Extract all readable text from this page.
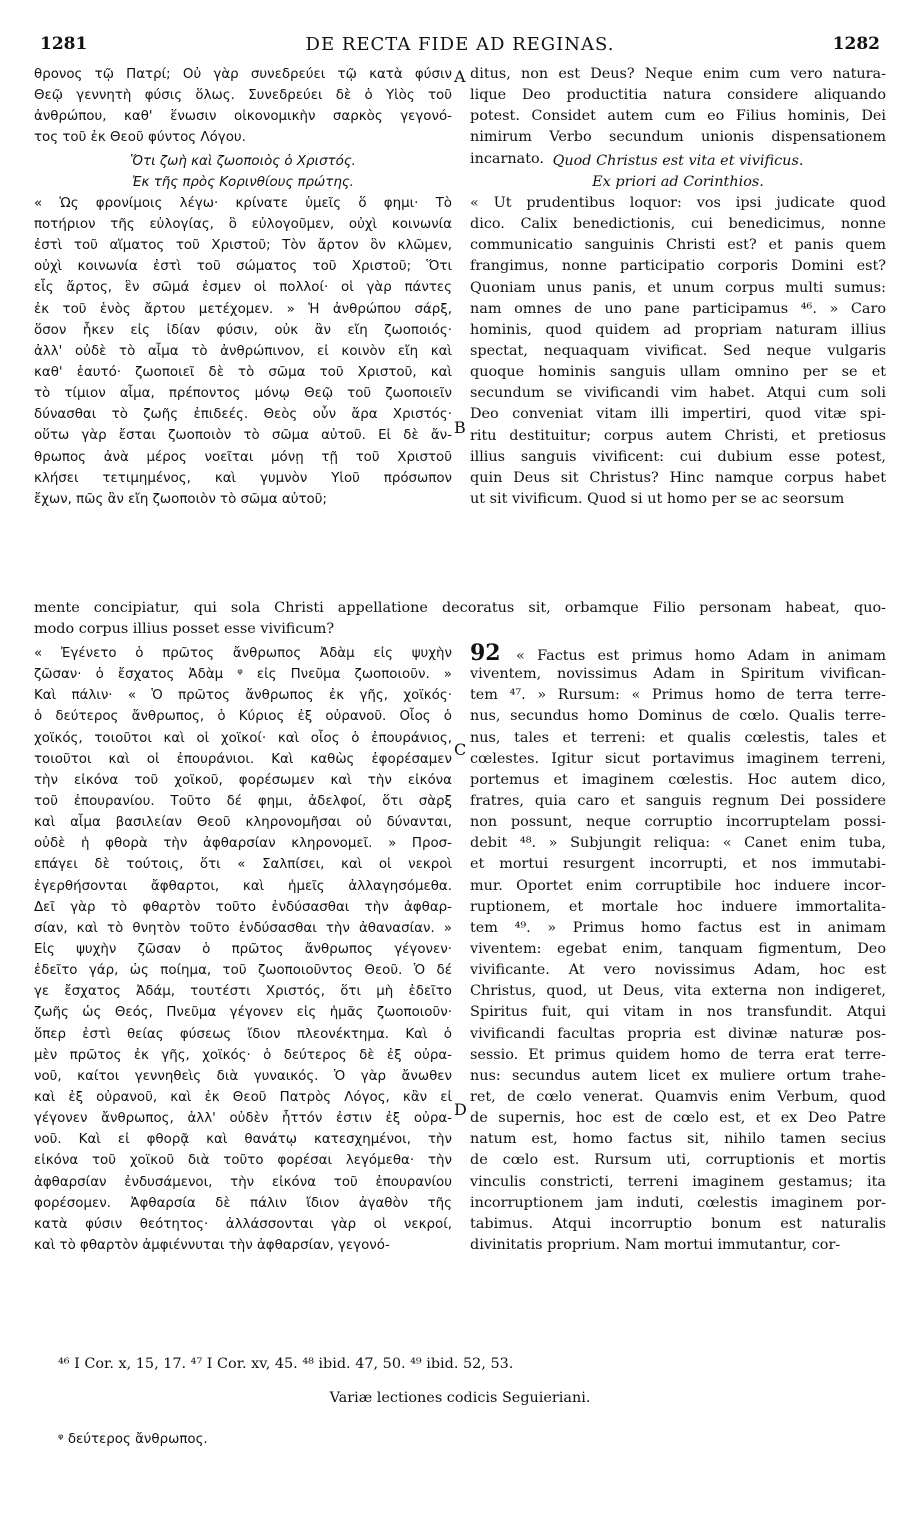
1281	DE RECTA FIDE AD REGINAS.	1282
θρονος τῷ Πατρί; Οὐ γὰρ συνεδρεύει τῷ κατὰ φύσιν
Θεῷ γεννητὴ φύσις ὅλως. Συνεδρεύει δὲ ὁ Υἱὸς τοῦ
ἀνθρώπου, καθ' ἕνωσιν οἰκονομικὴν σαρκὸς γεγονό-
τος τοῦ ἐκ Θεοῦ φύντος Λόγου.
Ὅτι ζωὴ καὶ ζωοποιὸς ὁ Χριστός.
Ἐκ τῆς πρὸς Κορινθίους πρώτης.
« Ὡς φρονίμοις λέγω· κρίνατε ὑμεῖς ὅ φημι· Τὸ
ποτήριον τῆς εὐλογίας, ὃ εὐλογοῦμεν, οὐχὶ κοινωνία
ἐστὶ τοῦ αἵματος τοῦ Χριστοῦ; Τὸν ἄρτον ὃν κλῶμεν,
οὐχὶ κοινωνία ἐστὶ τοῦ σώματος τοῦ Χριστοῦ; Ὅτι
εἷς ἄρτος, ἓν σῶμά ἐσμεν οἱ πολλοί· οἱ γὰρ πάντες
ἐκ τοῦ ἑνὸς ἄρτου μετέχομεν. » Ἡ ἀνθρώπου σάρξ,
ὅσον ἧκεν εἰς ἰδίαν φύσιν, οὐκ ἂν εἴη ζωοποιός·
ἀλλ' οὐδὲ τὸ αἷμα τὸ ἀνθρώπινον, εἰ κοινὸν εἴη καὶ
καθ' ἑαυτό· ζωοποιεῖ δὲ τὸ σῶμα τοῦ Χριστοῦ, καὶ
τὸ τίμιον αἷμα, πρέποντος μόνῳ Θεῷ τοῦ ζωοποιεῖν
δύνασθαι τὸ ζωῆς ἐπιδεές. Θεὸς οὖν ἄρα Χριστός·
οὕτω γὰρ ἔσται ζωοποιὸν τὸ σῶμα αὐτοῦ. Εἰ δὲ ἄν-
θρωπος ἀνὰ μέρος νοεῖται μόνῃ τῇ τοῦ Χριστοῦ
κλήσει τετιμημένος, καὶ γυμνὸν Υἱοῦ πρόσωπον
ἔχων, πῶς ἂν εἴη ζωοποιὸν τὸ σῶμα αὐτοῦ;
ditus, non est Deus? Neque enim cum vero natura-
lique Deo productitia natura considere aliquando
potest. Considet autem cum eo Filius hominis, Dei
nimirum Verbo secundum unionis dispensationem
incarnato. Quod Christus est vita et vivificus.
Ex priori ad Corinthios.
« Ut prudentibus loquor: vos ipsi judicate quod
dico. Calix benedictionis, cui benedicimus, nonne
communicatio sanguinis Christi est? et panis quem
frangimus, nonne participatio corporis Domini est?
Quoniam unus panis, et unum corpus multi sumus:
nam omnes de uno pane participamus ⁴⁶. » Caro
hominis, quod quidem ad propriam naturam illius
spectat, nequaquam vivificat. Sed neque vulgaris
quoque hominis sanguis ullam omnino per se et
secundum se vivificandi vim habet. Atqui cum soli
Deo conveniat vitam illi impertiri, quod vitæ spi-
ritu destituitur; corpus autem Christi, et pretiosus
illius sanguis vivificent: cui dubium esse potest,
quin Deus sit Christus? Hinc namque corpus habet
ut sit vivificum. Quod si ut homo per se ac seorsum
A
B
C
D
mente concipiatur, qui sola Christi appellatione decoratus sit, orbamque Filio personam habeat, quo-
modo corpus illius posset esse vivificum?
« Ἐγένετο ὁ πρῶτος ἄνθρωπος Ἀδὰμ εἰς ψυχὴν
ζῶσαν· ὁ ἔσχατος Ἀδὰμ ᵠ εἰς Πνεῦμα ζωοποιοῦν. »
Καὶ πάλιν· « Ὁ πρῶτος ἄνθρωπος ἐκ γῆς, χοϊκός·
ὁ δεύτερος ἄνθρωπος, ὁ Κύριος ἐξ οὐρανοῦ. Οἷος ὁ
χοϊκός, τοιοῦτοι καὶ οἱ χοϊκοί· καὶ οἷος ὁ ἐπουράνιος,
τοιοῦτοι καὶ οἱ ἐπουράνιοι. Καὶ καθὼς ἐφορέσαμεν
τὴν εἰκόνα τοῦ χοϊκοῦ, φορέσωμεν καὶ τὴν εἰκόνα
τοῦ ἐπουρανίου. Τοῦτο δέ φημι, ἀδελφοί, ὅτι σὰρξ
καὶ αἷμα βασιλείαν Θεοῦ κληρονομῆσαι οὐ δύνανται,
οὐδὲ ἡ φθορὰ τὴν ἀφθαρσίαν κληρονομεῖ. » Προσ-
επάγει δὲ τούτοις, ὅτι « Σαλπίσει, καὶ οἱ νεκροὶ
ἐγερθήσονται ἄφθαρτοι, καὶ ἡμεῖς ἀλλαγησόμεθα.
Δεῖ γὰρ τὸ φθαρτὸν τοῦτο ἐνδύσασθαι τὴν ἀφθαρ-
σίαν, καὶ τὸ θνητὸν τοῦτο ἐνδύσασθαι τὴν ἀθανασίαν. »
Εἰς ψυχὴν ζῶσαν ὁ πρῶτος ἄνθρωπος γέγονεν·
ἐδεῖτο γάρ, ὡς ποίημα, τοῦ ζωοποιοῦντος Θεοῦ. Ὁ δέ
γε ἔσχατος Ἀδάμ, τουτέστι Χριστός, ὅτι μὴ ἐδεῖτο
ζωῆς ὡς Θεός, Πνεῦμα γέγονεν εἰς ἡμᾶς ζωοποιοῦν·
ὅπερ ἐστὶ θείας φύσεως ἴδιον πλεονέκτημα. Καὶ ὁ
μὲν πρῶτος ἐκ γῆς, χοϊκός· ὁ δεύτερος δὲ ἐξ οὐρα-
νοῦ, καίτοι γεννηθεὶς διὰ γυναικός. Ὁ γὰρ ἄνωθεν
καὶ ἐξ οὐρανοῦ, καὶ ἐκ Θεοῦ Πατρὸς Λόγος, κἂν εἰ
γέγονεν ἄνθρωπος, ἀλλ' οὐδὲν ἧττόν ἐστιν ἐξ οὐρα-
νοῦ. Καὶ εἰ φθορᾷ καὶ θανάτῳ κατεσχημένοι, τὴν
εἰκόνα τοῦ χοϊκοῦ διὰ τοῦτο φορέσαι λεγόμεθα· τὴν
ἀφθαρσίαν ἐνδυσάμενοι, τὴν εἰκόνα τοῦ ἐπουρανίου
φορέσομεν. Ἀφθαρσία δὲ πάλιν ἴδιον ἀγαθὸν τῆς
κατὰ φύσιν θεότητος· ἀλλάσσονται γὰρ οἱ νεκροί,
καὶ τὸ φθαρτὸν ἀμφιέννυται τὴν ἀφθαρσίαν, γεγονό-
92 « Factus est primus homo Adam in animam
viventem, novissimus Adam in Spiritum vivifican-
tem ⁴⁷. » Rursum: « Primus homo de terra terre-
nus, secundus homo Dominus de cœlo. Qualis terre-
nus, tales et terreni: et qualis cœlestis, tales et
cœlestes. Igitur sicut portavimus imaginem terreni,
portemus et imaginem cœlestis. Hoc autem dico,
fratres, quia caro et sanguis regnum Dei possidere
non possunt, neque corruptio incorruptelam possi-
debit ⁴⁸. » Subjungit reliqua: « Canet enim tuba,
et mortui resurgent incorrupti, et nos immutabi-
mur. Oportet enim corruptibile hoc induere incor-
ruptionem, et mortale hoc induere immortalita-
tem ⁴⁹. » Primus homo factus est in animam
viventem: egebat enim, tanquam figmentum, Deo
vivificante. At vero novissimus Adam, hoc est
Christus, quod, ut Deus, vita externa non indigeret,
Spiritus fuit, qui vitam in nos transfundit. Atqui
vivificandi facultas propria est divinæ naturæ pos-
sessio. Et primus quidem homo de terra erat terre-
nus: secundus autem licet ex muliere ortum trahe-
ret, de cœlo venerat. Quamvis enim Verbum, quod
de supernis, hoc est de cœlo est, et ex Deo Patre
natum est, homo factus sit, nihilo tamen secius
de cœlo est. Rursum uti, corruptionis et mortis
vinculis constricti, terreni imaginem gestamus; ita
incorruptionem jam induti, cœlestis imaginem por-
tabimus. Atqui incorruptio bonum est naturalis
divinitatis proprium. Nam mortui immutantur, cor-
⁴⁶ I Cor. x, 15, 17. ⁴⁷ I Cor. xv, 45. ⁴⁸ ibid. 47, 50. ⁴⁹ ibid. 52, 53.
Variæ lectiones codicis Seguieriani.
ᵠ δεύτερος ἄνθρωπος.
